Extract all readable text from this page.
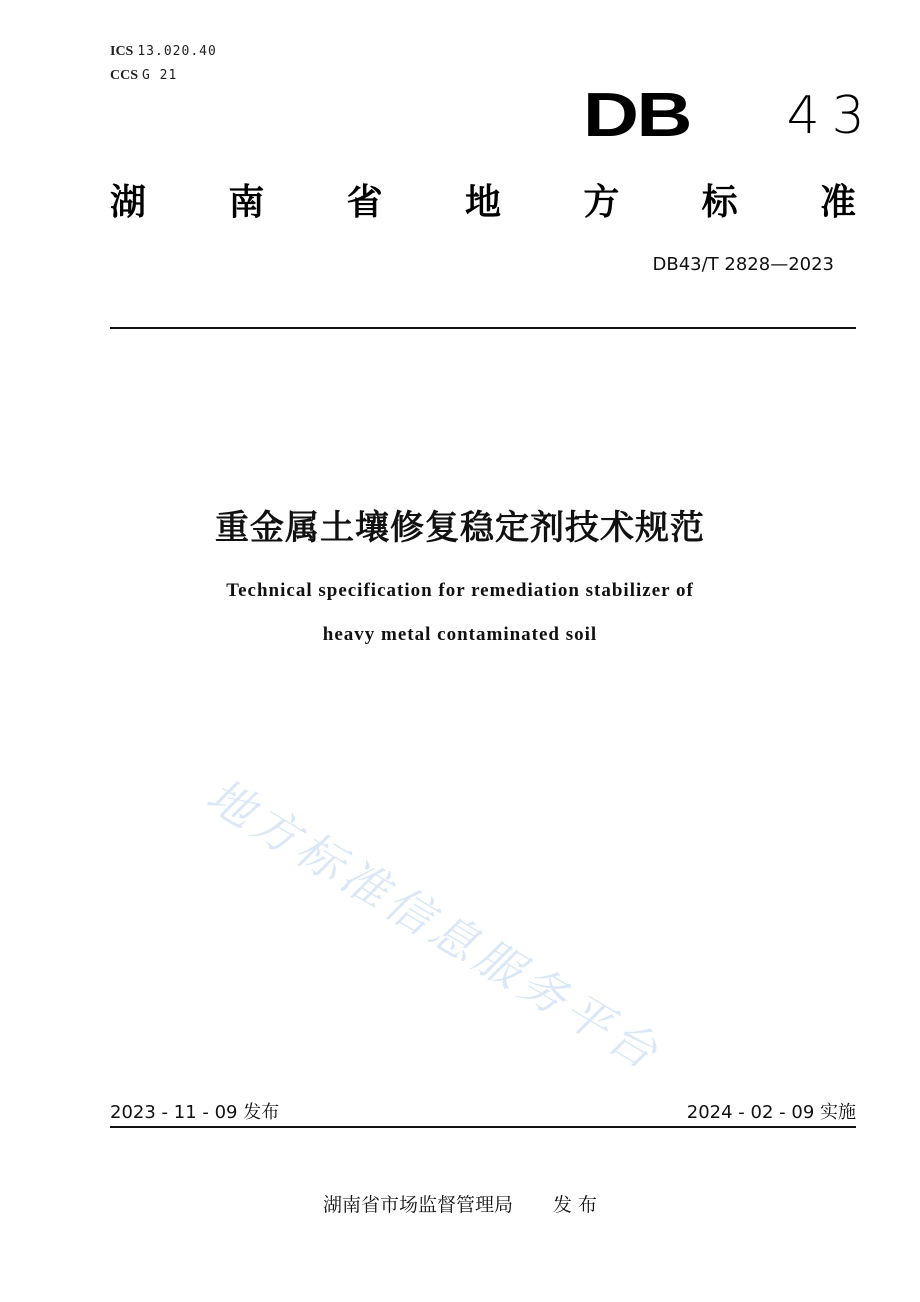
ICS 13.020.40
CCS G 21
DB 43
湖 南 省 地 方 标 准
DB43/T 2828—2023
重金属土壤修复稳定剂技术规范
Technical specification for remediation stabilizer of
heavy metal contaminated soil
地方标准信息服务平台
2023 - 11 - 09 发布	2024 - 02 - 09 实施
湖南省市场监督管理局 发 布
